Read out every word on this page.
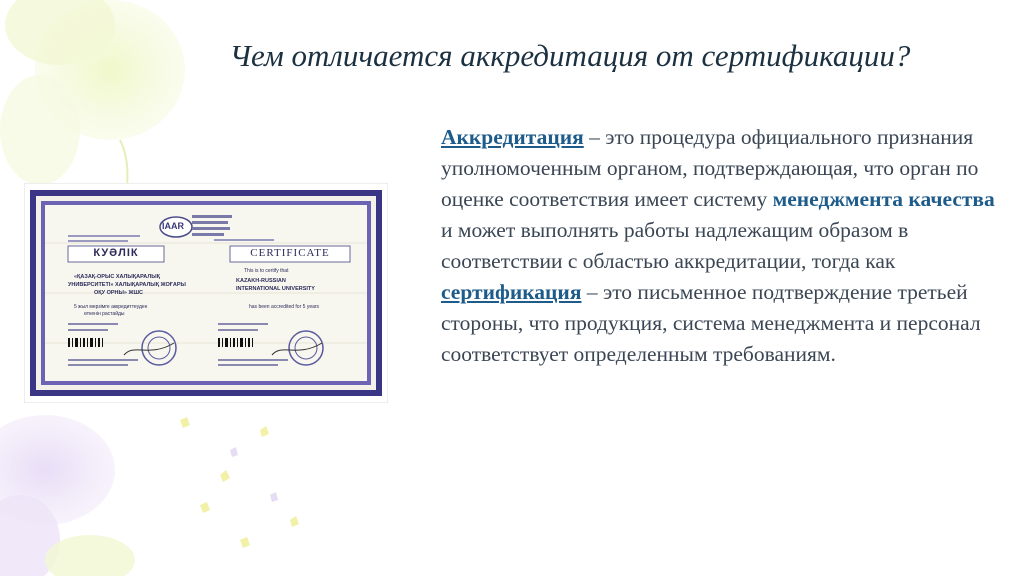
Чем отличается аккредитация от сертификации?
IAAR
КУӘЛІК	CERTIFICATE
This is to certify that
KAZAKH-RUSSIAN
INTERNATIONAL UNIVERSITY
has been accredited for 5 years
«ҚАЗАҚ-ОРЫС ХАЛЫҚАРАЛЫҚ
УНИВЕРСИТЕТІ» ХАЛЫҚАРАЛЫҚ ЖОҒАРЫ
ОҚУ ОРНЫ» ЖШС
5 жыл мерзімге аккредиттеуден
өткенін растайды
Аккредитация – это процедура официального признания уполномоченным органом, подтверждающая, что орган по оценке соответствия имеет систему менеджмента качества и может выполнять работы надлежащим образом в соответствии с областью аккредитации, тогда как сертификация – это письменное подтверждение третьей стороны, что продукция, система менеджмента и персонал соответствует определенным требованиям.
